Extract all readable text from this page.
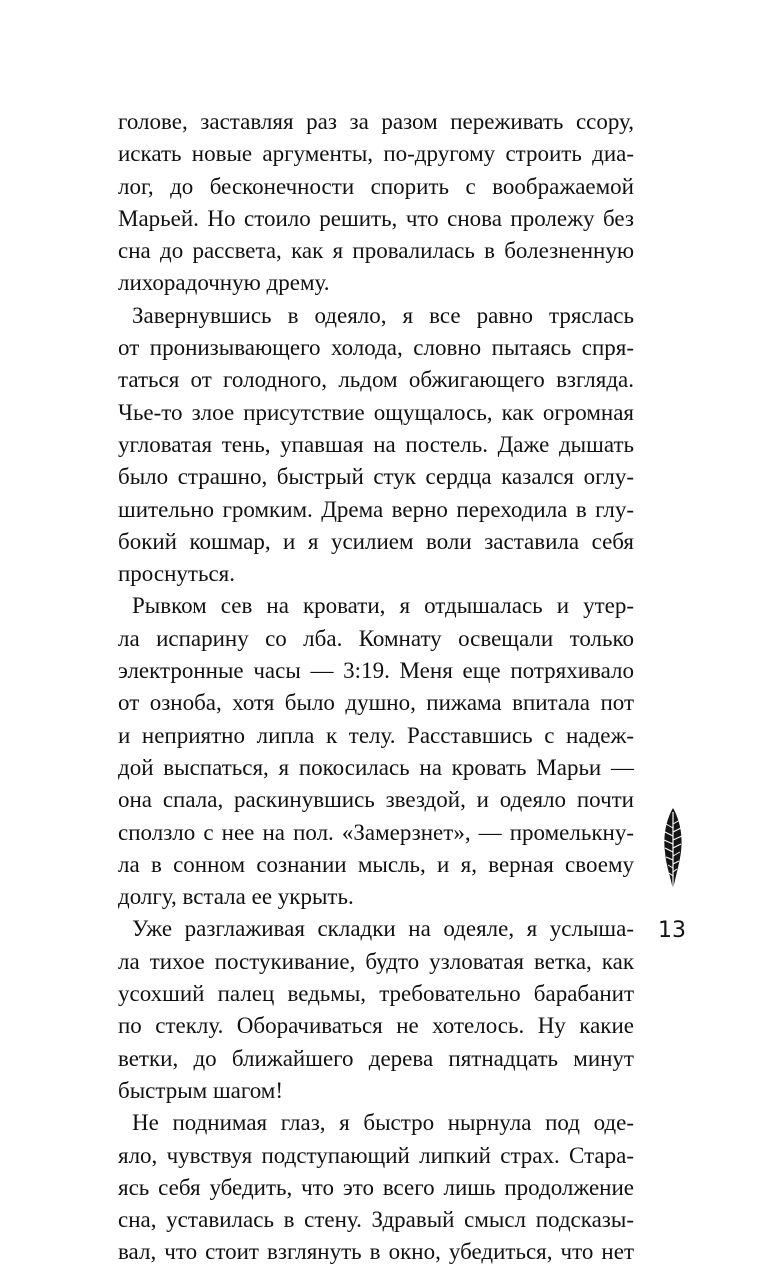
голове, заставляя раз за разом переживать ссору,
искать новые аргументы, по-другому строить диа-
лог, до бесконечности спорить с воображаемой
Марьей. Но стоило решить, что снова пролежу без
сна до рассвета, как я провалилась в болезненную
лихорадочную дрему.
Завернувшись в одеяло, я все равно тряслась
от пронизывающего холода, словно пытаясь спря-
таться от голодного, льдом обжигающего взгляда.
Чье-то злое присутствие ощущалось, как огромная
угловатая тень, упавшая на постель. Даже дышать
было страшно, быстрый стук сердца казался оглу-
шительно громким. Дрема верно переходила в глу-
бокий кошмар, и я усилием воли заставила себя
проснуться.
Рывком сев на кровати, я отдышалась и утер-
ла испарину со лба. Комнату освещали только
электронные часы — 3:19. Меня еще потряхивало
от озноба, хотя было душно, пижама впитала пот
и неприятно липла к телу. Расставшись с надеж-
дой выспаться, я покосилась на кровать Марьи —
она спала, раскинувшись звездой, и одеяло почти
сползло с нее на пол. «Замерзнет», — промелькну-
ла в сонном сознании мысль, и я, верная своему
долгу, встала ее укрыть.
Уже разглаживая складки на одеяле, я услыша-
ла тихое постукивание, будто узловатая ветка, как
усохший палец ведьмы, требовательно барабанит
по стеклу. Оборачиваться не хотелось. Ну какие
ветки, до ближайшего дерева пятнадцать минут
быстрым шагом!
Не поднимая глаз, я быстро нырнула под оде-
яло, чувствуя подступающий липкий страх. Стара-
ясь себя убедить, что это всего лишь продолжение
сна, уставилась в стену. Здравый смысл подсказы-
вал, что стоит взглянуть в окно, убедиться, что нет
13
